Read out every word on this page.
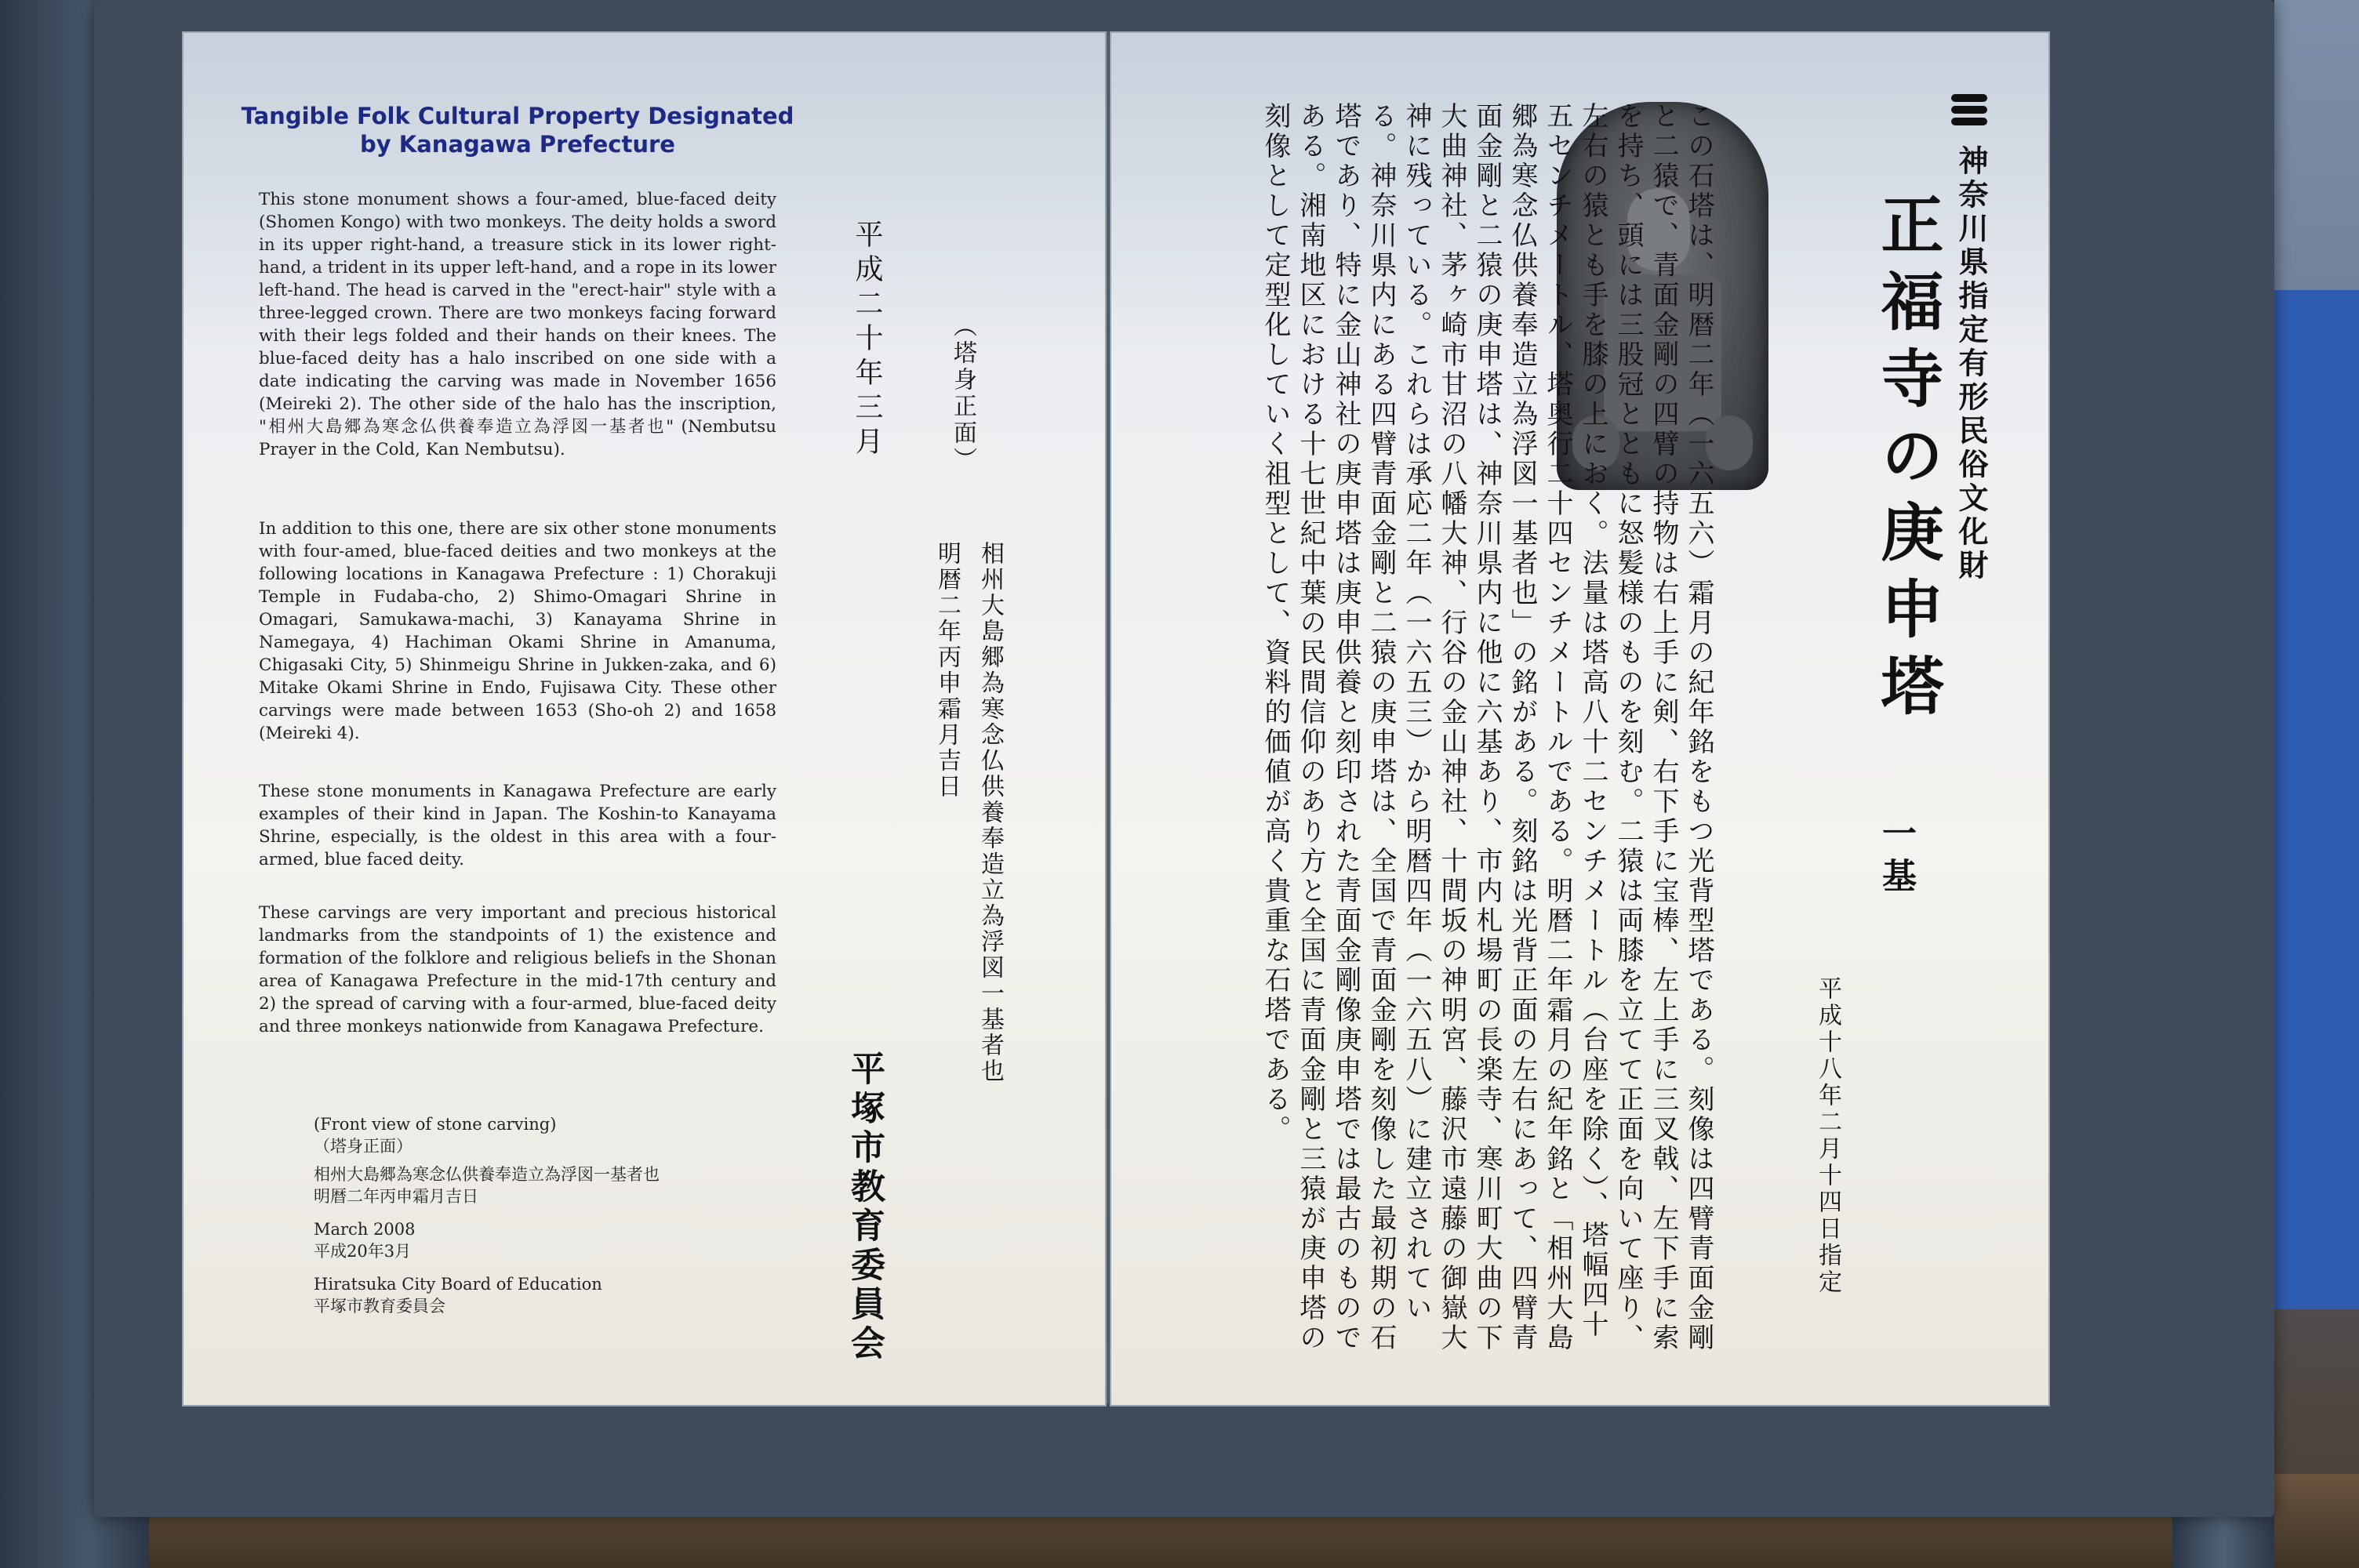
Tangible Folk Cultural Property Designated by Kanagawa Prefecture
This stone monument shows a four-amed, blue-faced deity (Shomen Kongo) with two monkeys. The deity holds a sword in its upper right-hand, a treasure stick in its lower right-hand, a trident in its upper left-hand, and a rope in its lower left-hand. The head is carved in the "erect-hair" style with a three-legged crown. There are two monkeys facing forward with their legs folded and their hands on their knees. The blue-faced deity has a halo inscribed on one side with a date indicating the carving was made in November 1656 (Meireki 2). The other side of the halo has the inscription, "相州大島郷為寒念仏供養奉造立為浮図一基者也" (Nembutsu Prayer in the Cold, Kan Nembutsu).
In addition to this one, there are six other stone monuments with four-amed, blue-faced deities and two monkeys at the following locations in Kanagawa Prefecture : 1) Chorakuji Temple in Fudaba-cho, 2) Shimo-Omagari Shrine in Omagari, Samukawa-machi, 3) Kanayama Shrine in Namegaya, 4) Hachiman Okami Shrine in Amanuma, Chigasaki City, 5) Shinmeigu Shrine in Jukken-zaka, and 6) Mitake Okami Shrine in Endo, Fujisawa City. These other carvings were made between 1653 (Sho-oh 2) and 1658 (Meireki 4).
These stone monuments in Kanagawa Prefecture are early examples of their kind in Japan. The Koshin-to Kanayama Shrine, especially, is the oldest in this area with a four-armed, blue faced deity.
These carvings are very important and precious historical landmarks from the standpoints of 1) the existence and formation of the folklore and religious beliefs in the Shonan area of Kanagawa Prefecture in the mid-17th century and 2) the spread of carving with a four-armed, blue-faced deity and three monkeys nationwide from Kanagawa Prefecture.
(Front view of stone carving)
（塔身正面）
相州大島郷為寒念仏供養奉造立為浮図一基者也
明暦二年丙申霜月吉日
March 2008
平成20年3月
Hiratsuka City Board of Education
平塚市教育委員会
平成二十年三月	（塔身正面）
相州大島郷為寒念仏供養奉造立為浮図一基者也
明暦二年丙申霜月吉日
平塚市教育委員会
神奈川県指定有形民俗文化財
正福寺の庚申塔
一基
平成十八年二月十四日指定
この石塔は、明暦二年（一六五六）霜月の紀年銘をもつ光背型塔である。刻像は四臂青面金剛と二猿で、青面金剛の四臂の持物は右上手に剣、右下手に宝棒、左上手に三叉戟、左下手に索を持ち、頭には三股冠とともに怒髪様のものを刻む。二猿は両膝を立てて正面を向いて座り、左右の猿とも手を膝の上におく。法量は塔高八十二センチメートル（台座を除く）、塔幅四十五センチメートル、塔奥行二十四センチメートルである。明暦二年霜月の紀年銘と「相州大島郷為寒念仏供養奉造立為浮図一基者也」の銘がある。刻銘は光背正面の左右にあって、四臂青面金剛と二猿の庚申塔は、神奈川県内に他に六基あり、市内札場町の長楽寺、寒川町大曲の下大曲神社、茅ヶ崎市甘沼の八幡大神、行谷の金山神社、十間坂の神明宮、藤沢市遠藤の御嶽大神に残っている。これらは承応二年（一六五三）から明暦四年（一六五八）に建立されている。神奈川県内にある四臂青面金剛と二猿の庚申塔は、全国で青面金剛を刻像した最初期の石塔であり、特に金山神社の庚申塔は庚申供養と刻印された青面金剛像庚申塔では最古のものである。湘南地区における十七世紀中葉の民間信仰のあり方と全国に青面金剛と三猿が庚申塔の刻像として定型化していく祖型として、資料的価値が高く貴重な石塔である。
